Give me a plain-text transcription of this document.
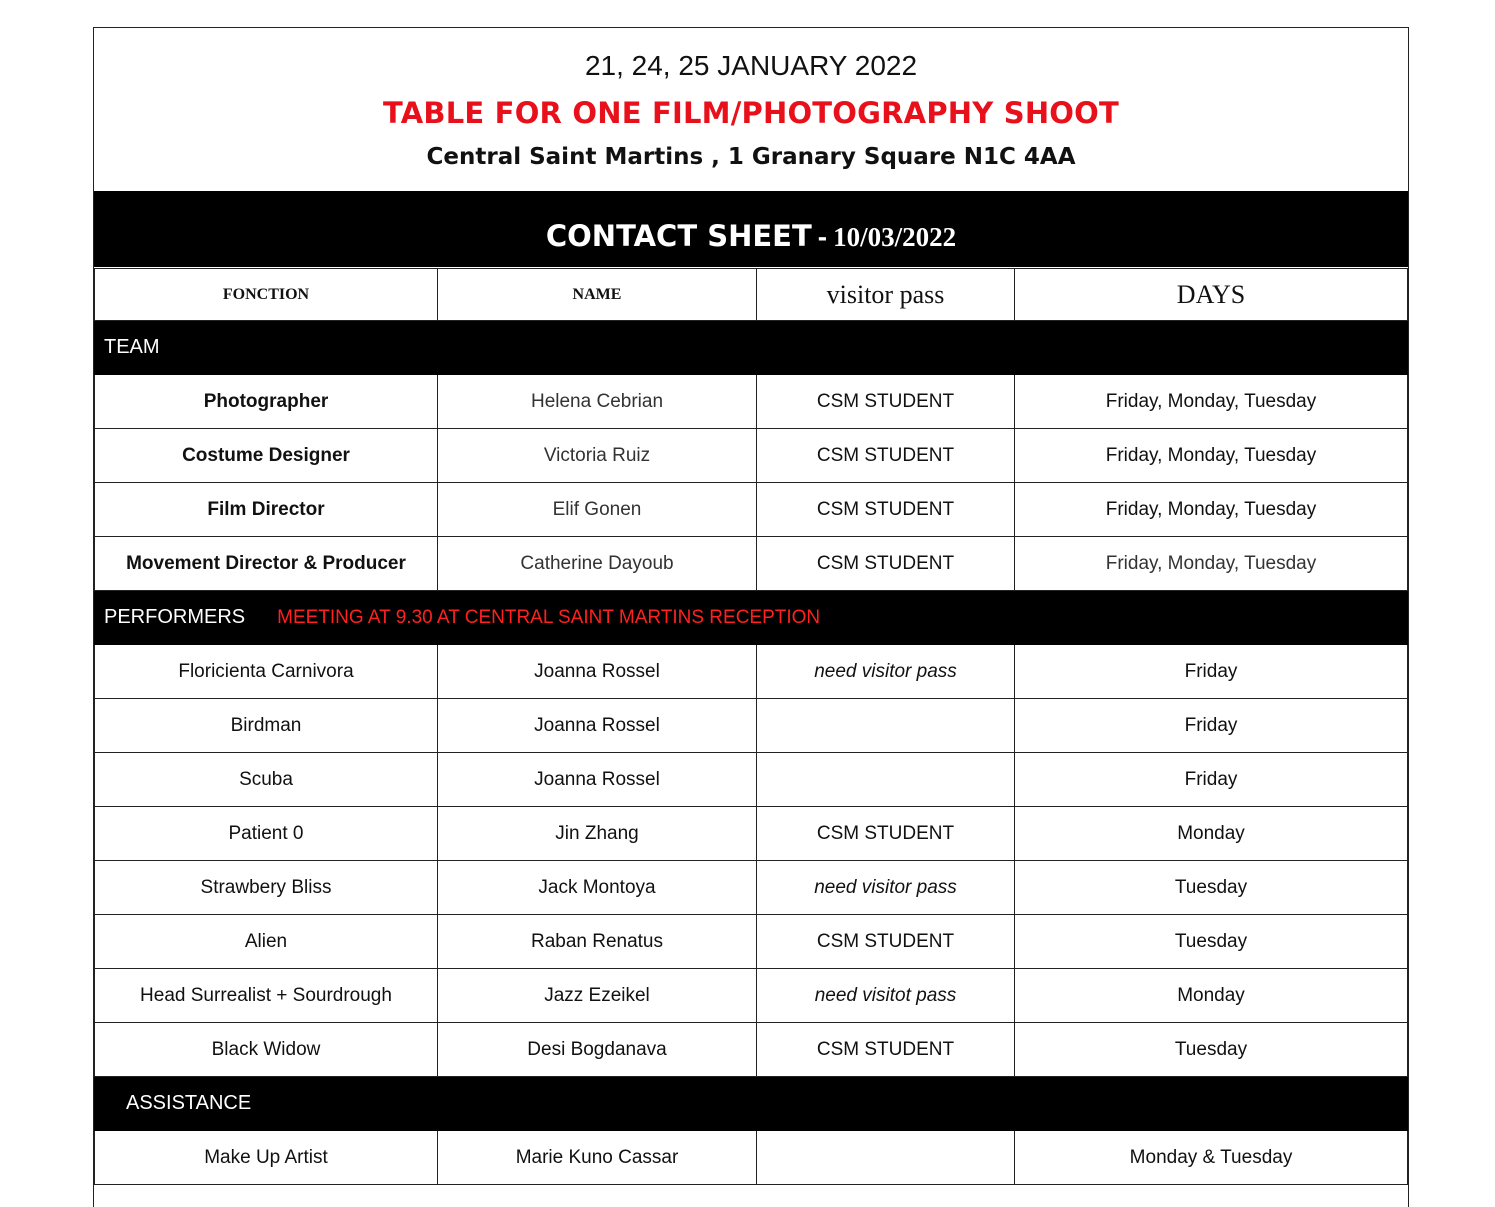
21, 24, 25 JANUARY 2022
TABLE FOR ONE FILM/PHOTOGRAPHY SHOOT
Central Saint Martins , 1 Granary Square N1C 4AA
CONTACT SHEET - 10/03/2022
FONCTION	NAME	visitor pass	DAYS
TEAM			
Photographer	Helena Cebrian	CSM STUDENT	Friday, Monday, Tuesday
Costume Designer	Victoria Ruiz	CSM STUDENT	Friday, Monday, Tuesday
Film Director	Elif Gonen	CSM STUDENT	Friday, Monday, Tuesday
Movement Director & Producer	Catherine Dayoub	CSM STUDENT	Friday, Monday, Tuesday
PERFORMERS MEETING AT 9.30 AT CENTRAL SAINT MARTINS RECEPTION			
Floricienta Carnivora	Joanna Rossel	need visitor pass	Friday
Birdman	Joanna Rossel		Friday
Scuba	Joanna Rossel		Friday
Patient 0	Jin Zhang	CSM STUDENT	Monday
Strawbery Bliss	Jack Montoya	need visitor pass	Tuesday
Alien	Raban Renatus	CSM STUDENT	Tuesday
Head Surrealist + Sourdrough	Jazz Ezeikel	need visitot pass	Monday
Black Widow	Desi Bogdanava	CSM STUDENT	Tuesday
ASSISTANCE			
Make Up Artist	Marie Kuno Cassar		Monday & Tuesday
